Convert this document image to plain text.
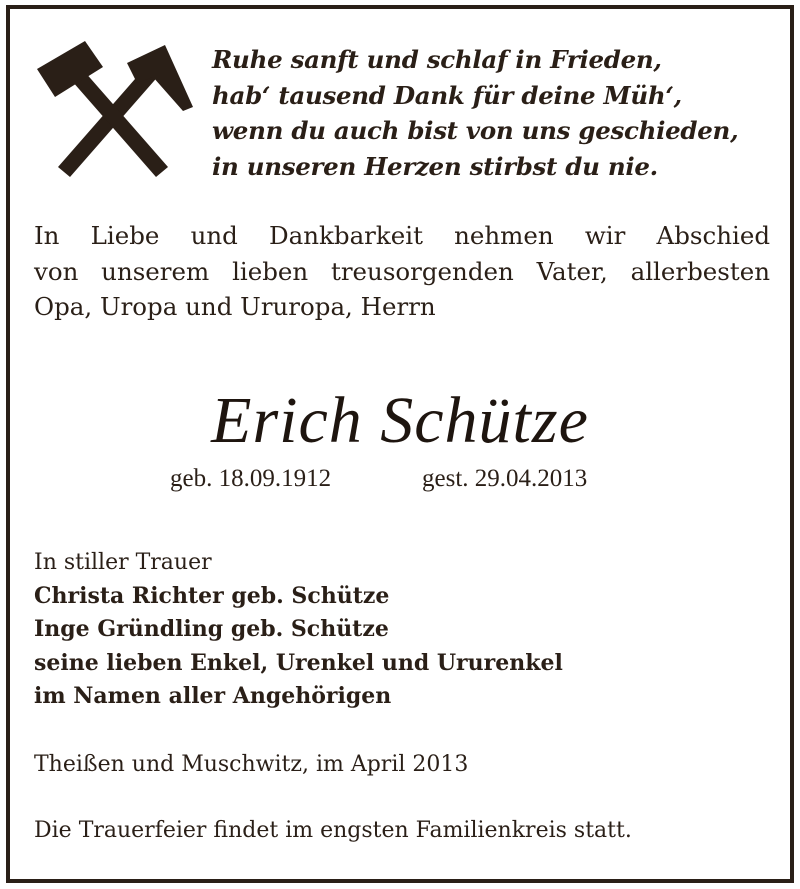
Ruhe sanft und schlaf in Frieden,
hab‘ tausend Dank für deine Müh‘,
wenn du auch bist von uns geschieden,
in unseren Herzen stirbst du nie.
In Liebe und Dankbarkeit nehmen wir Abschied
von unserem lieben treusorgenden Vater, allerbesten
Opa, Uropa und Ururopa, Herrn
Erich Schütze
geb. 18.09.1912	gest. 29.04.2013
In stiller Trauer
Christa Richter geb. Schütze
Inge Gründling geb. Schütze
seine lieben Enkel, Urenkel und Ururenkel
im Namen aller Angehörigen
Theißen und Muschwitz, im April 2013
Die Trauerfeier findet im engsten Familienkreis statt.
